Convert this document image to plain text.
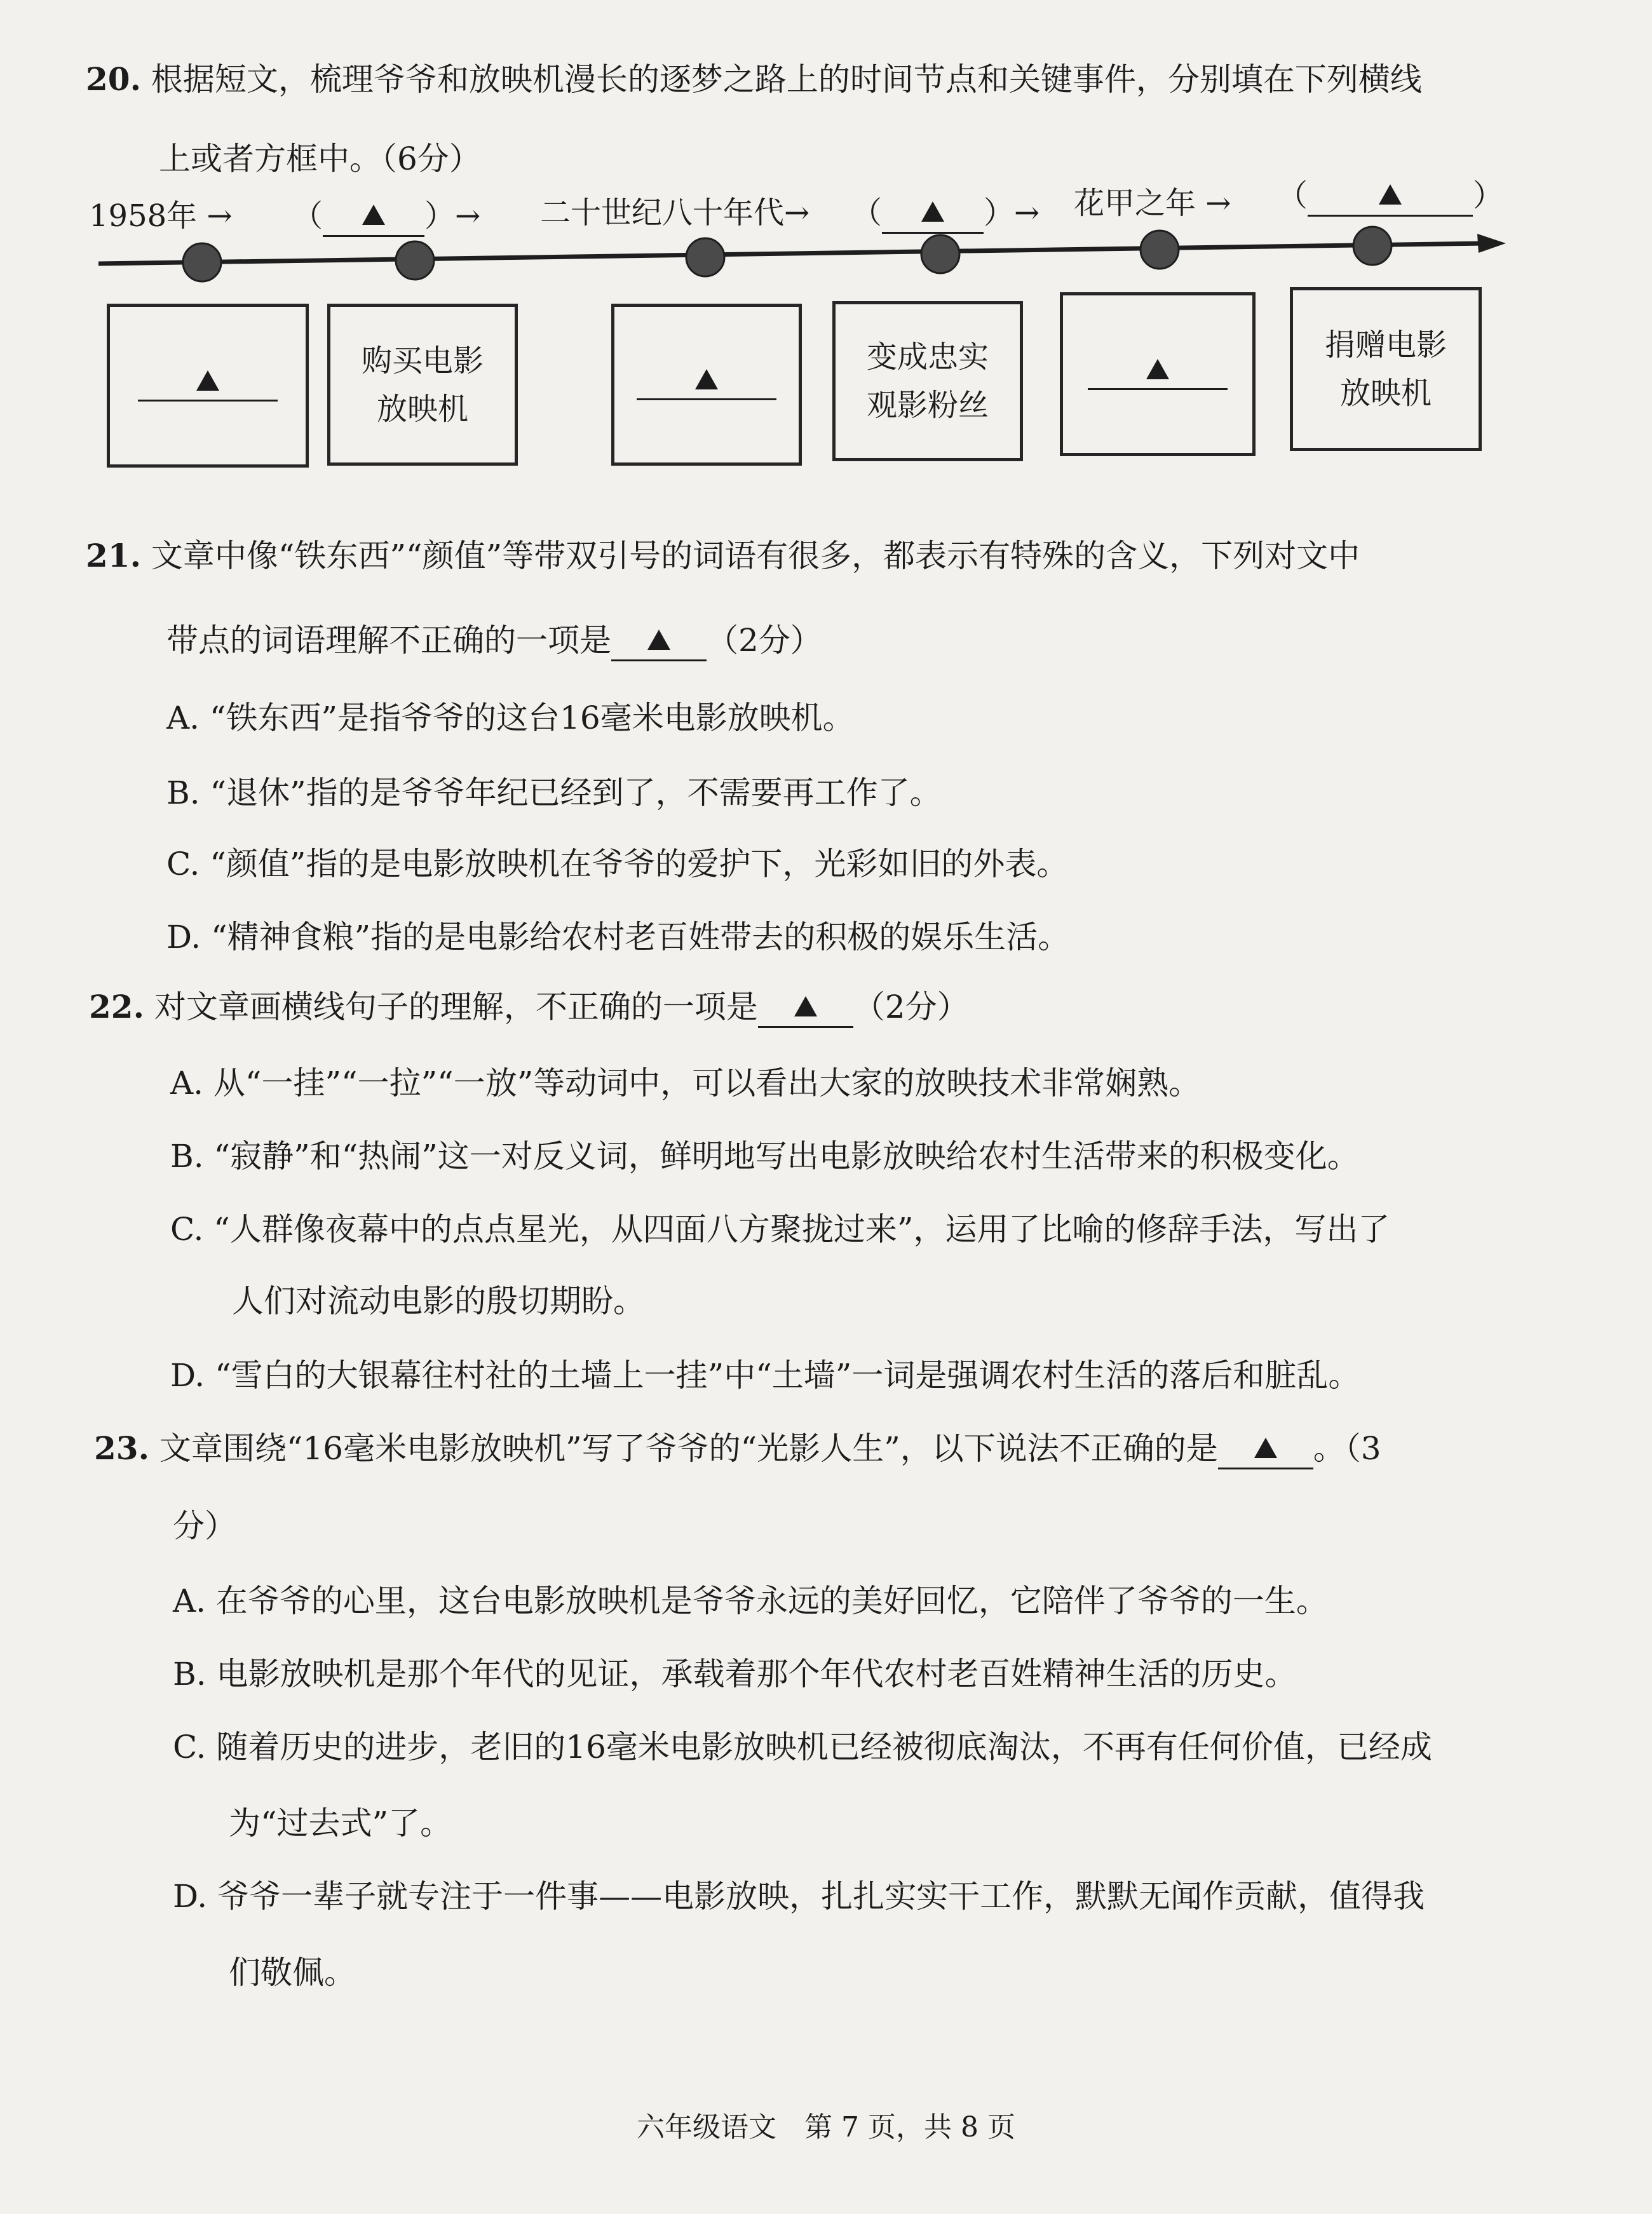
20. 根据短文，梳理爷爷和放映机漫长的逐梦之路上的时间节点和关键事件，分别填在下列横线
上或者方框中。（6分）
1958年 → （	）→ 二十世纪八十年代→ （	）→ 花甲之年 → （	）
购买电影
放映机
变成忠实
观影粉丝
捐赠电影
放映机
21. 文章中像“铁东西”“颜值”等带双引号的词语有很多，都表示有特殊的含义，下列对文中
带点的词语理解不正确的一项是	（2分）
A. “铁东西”是指爷爷的这台16毫米电影放映机。
B. “退休”指的是爷爷年纪已经到了，不需要再工作了。
C. “颜值”指的是电影放映机在爷爷的爱护下，光彩如旧的外表。
D. “精神食粮”指的是电影给农村老百姓带去的积极的娱乐生活。
22. 对文章画横线句子的理解，不正确的一项是	（2分）
A. 从“一挂”“一拉”“一放”等动词中，可以看出大家的放映技术非常娴熟。
B. “寂静”和“热闹”这一对反义词，鲜明地写出电影放映给农村生活带来的积极变化。
C. “人群像夜幕中的点点星光，从四面八方聚拢过来”，运用了比喻的修辞手法，写出了
人们对流动电影的殷切期盼。
D. “雪白的大银幕往村社的土墙上一挂”中“土墙”一词是强调农村生活的落后和脏乱。
23. 文章围绕“16毫米电影放映机”写了爷爷的“光影人生”，以下说法不正确的是	。（3
分）
A. 在爷爷的心里，这台电影放映机是爷爷永远的美好回忆，它陪伴了爷爷的一生。
B. 电影放映机是那个年代的见证，承载着那个年代农村老百姓精神生活的历史。
C. 随着历史的进步，老旧的16毫米电影放映机已经被彻底淘汰，不再有任何价值，已经成
为“过去式”了。
D. 爷爷一辈子就专注于一件事——电影放映，扎扎实实干工作，默默无闻作贡献，值得我
们敬佩。
六年级语文　第 7 页，共 8 页
